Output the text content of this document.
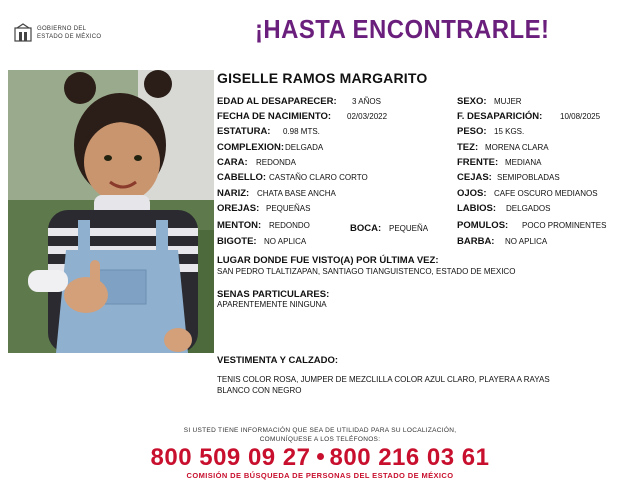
GOBIERNO DEL
ESTADO DE MÉXICO	¡HASTA ENCONTRARLE!
GISELLE RAMOS MARGARITO
EDAD AL DESAPARECER: 3 AÑOS
FECHA DE NACIMIENTO: 02/03/2022
ESTATURA: 0.98 MTS.
COMPLEXION: DELGADA
CARA: REDONDA
CABELLO: CASTAÑO CLARO CORTO
NARIZ: CHATA BASE ANCHA
OREJAS: PEQUEÑAS
MENTON: REDONDO	BOCA: PEQUEÑA
BIGOTE: NO APLICA
SEXO: MUJER
F. DESAPARICIÓN: 10/08/2025
PESO: 15 KGS.
TEZ: MORENA CLARA
FRENTE: MEDIANA
CEJAS: SEMIPOBLADAS
OJOS: CAFE OSCURO MEDIANOS
LABIOS: DELGADOS
POMULOS: POCO PROMINENTES
BARBA: NO APLICA
LUGAR DONDE FUE VISTO(A) POR ÚLTIMA VEZ:
SAN PEDRO TLALTIZAPAN, SANTIAGO TIANGUISTENCO, ESTADO DE MEXICO
SENAS PARTICULARES:
APARENTEMENTE NINGUNA
VESTIMENTA Y CALZADO:
TENIS COLOR ROSA, JUMPER DE MEZCLILLA COLOR AZUL CLARO, PLAYERA A RAYAS
BLANCO CON NEGRO
SI USTED TIENE INFORMACIÓN QUE SEA DE UTILIDAD PARA SU LOCALIZACIÓN,
COMUNÍQUESE A LOS TELÉFONOS:
800 509 09 27 800 216 03 61
COMISIÓN DE BÚSQUEDA DE PERSONAS DEL ESTADO DE MÉXICO
